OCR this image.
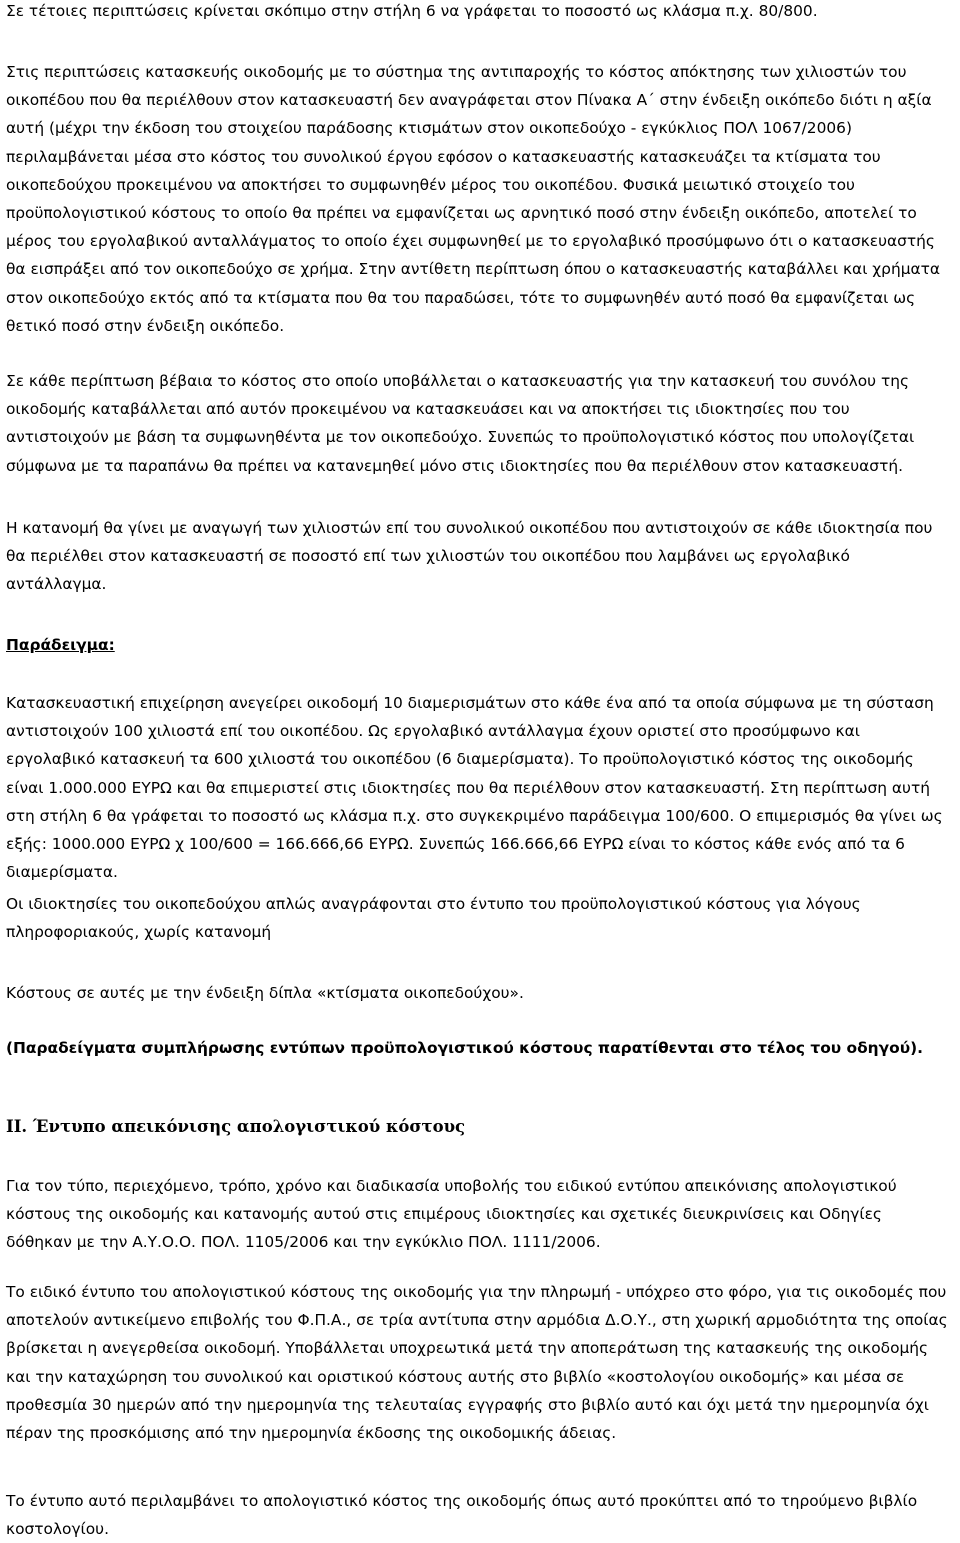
Σε τέτοιες περιπτώσεις κρίνεται σκόπιμο στην στήλη 6 να γράφεται το ποσοστό ως κλάσμα π.χ. 80/800.

Στις περιπτώσεις κατασκευής οικοδομής με το σύστημα της αντιπαροχής το κόστος απόκτησης των χιλιοστών του οικοπέδου που θα περιέλθουν στον κατασκευαστή δεν αναγράφεται στον Πίνακα Α΄ στην ένδειξη οικόπεδο διότι η αξία αυτή (μέχρι την έκδοση του στοιχείου παράδοσης κτισμάτων στον οικοπεδούχο - εγκύκλιος ΠΟΛ 1067/2006) περιλαμβάνεται μέσα στο κόστος του συνολικού έργου εφόσον ο κατασκευαστής κατασκευάζει τα κτίσματα του οικοπεδούχου προκειμένου να αποκτήσει το συμφωνηθέν μέρος του οικοπέδου. Φυσικά μειωτικό στοιχείο του προϋπολογιστικού κόστους το οποίο θα πρέπει να εμφανίζεται ως αρνητικό ποσό στην ένδειξη οικόπεδο, αποτελεί το μέρος του εργολαβικού ανταλλάγματος το οποίο έχει συμφωνηθεί με το εργολαβικό προσύμφωνο ότι ο κατασκευαστής θα εισπράξει από τον οικοπεδούχο σε χρήμα. Στην αντίθετη περίπτωση όπου ο κατασκευαστής καταβάλλει και χρήματα στον οικοπεδούχο εκτός από τα κτίσματα που θα του παραδώσει, τότε το συμφωνηθέν αυτό ποσό θα εμφανίζεται ως θετικό ποσό στην ένδειξη οικόπεδο.

Σε κάθε περίπτωση βέβαια το κόστος στο οποίο υποβάλλεται ο κατασκευαστής για την κατασκευή του συνόλου της οικοδομής καταβάλλεται από αυτόν προκειμένου να κατασκευάσει και να αποκτήσει τις ιδιοκτησίες που του αντιστοιχούν με βάση τα συμφωνηθέντα με τον οικοπεδούχο. Συνεπώς το προϋπολογιστικό κόστος που υπολογίζεται σύμφωνα με τα παραπάνω θα πρέπει να κατανεμηθεί μόνο στις ιδιοκτησίες που θα περιέλθουν στον κατασκευαστή.

Η κατανομή θα γίνει με αναγωγή των χιλιοστών επί του συνολικού οικοπέδου που αντιστοιχούν σε κάθε ιδιοκτησία που θα περιέλθει στον κατασκευαστή σε ποσοστό επί των χιλιοστών του οικοπέδου που λαμβάνει ως εργολαβικό αντάλλαγμα.

Παράδειγμα:

Κατασκευαστική επιχείρηση ανεγείρει οικοδομή 10 διαμερισμάτων στο κάθε ένα από τα οποία σύμφωνα με τη σύσταση αντιστοιχούν 100 χιλιοστά επί του οικοπέδου. Ως εργολαβικό αντάλλαγμα έχουν οριστεί στο προσύμφωνο και εργολαβικό κατασκευή τα 600 χιλιοστά του οικοπέδου (6 διαμερίσματα). Το προϋπολογιστικό κόστος της οικοδομής είναι 1.000.000 ΕΥΡΩ και θα επιμεριστεί στις ιδιοκτησίες που θα περιέλθουν στον κατασκευαστή. Στη περίπτωση αυτή στη στήλη 6 θα γράφεται το ποσοστό ως κλάσμα π.χ. στο συγκεκριμένο παράδειγμα 100/600. Ο επιμερισμός θα γίνει ως εξής: 1000.000 ΕΥΡΩ χ 100/600 = 166.666,66 ΕΥΡΩ. Συνεπώς 166.666,66 ΕΥΡΩ είναι το κόστος κάθε ενός από τα 6 διαμερίσματα.

Οι ιδιοκτησίες του οικοπεδούχου απλώς αναγράφονται στο έντυπο του προϋπολογιστικού κόστους για λόγους πληροφοριακούς, χωρίς κατανομή

Κόστους σε αυτές με την ένδειξη δίπλα «κτίσματα οικοπεδούχου».

(Παραδείγματα συμπλήρωσης εντύπων προϋπολογιστικού κόστους παρατίθενται στο τέλος του οδηγού).

ΙΙ. Έντυπο απεικόνισης απολογιστικού κόστους

Για τον τύπο, περιεχόμενο, τρόπο, χρόνο και διαδικασία υποβολής του ειδικού εντύπου απεικόνισης απολογιστικού κόστους της οικοδομής και κατανομής αυτού στις επιμέρους ιδιοκτησίες και σχετικές διευκρινίσεις και Οδηγίες δόθηκαν με την Α.Υ.Ο.Ο. ΠΟΛ. 1105/2006 και την εγκύκλιο ΠΟΛ. 1111/2006.

Το ειδικό έντυπο του απολογιστικού κόστους της οικοδομής για την πληρωμή - υπόχρεο στο φόρο, για τις οικοδομές που αποτελούν αντικείμενο επιβολής του Φ.Π.Α., σε τρία αντίτυπα στην αρμόδια Δ.Ο.Υ., στη χωρική αρμοδιότητα της οποίας βρίσκεται η ανεγερθείσα οικοδομή. Υποβάλλεται υποχρεωτικά μετά την αποπεράτωση της κατασκευής της οικοδομής και την καταχώρηση του συνολικού και οριστικού κόστους αυτής στο βιβλίο «κοστολογίου οικοδομής» και μέσα σε προθεσμία 30 ημερών από την ημερομηνία της τελευταίας εγγραφής στο βιβλίο αυτό και όχι μετά την ημερομηνία όχι πέραν της προσκόμισης από την ημερομηνία έκδοσης της οικοδομικής άδειας.

Το έντυπο αυτό περιλαμβάνει το απολογιστικό κόστος της οικοδομής όπως αυτό προκύπτει από το τηρούμενο βιβλίο κοστολογίου.
